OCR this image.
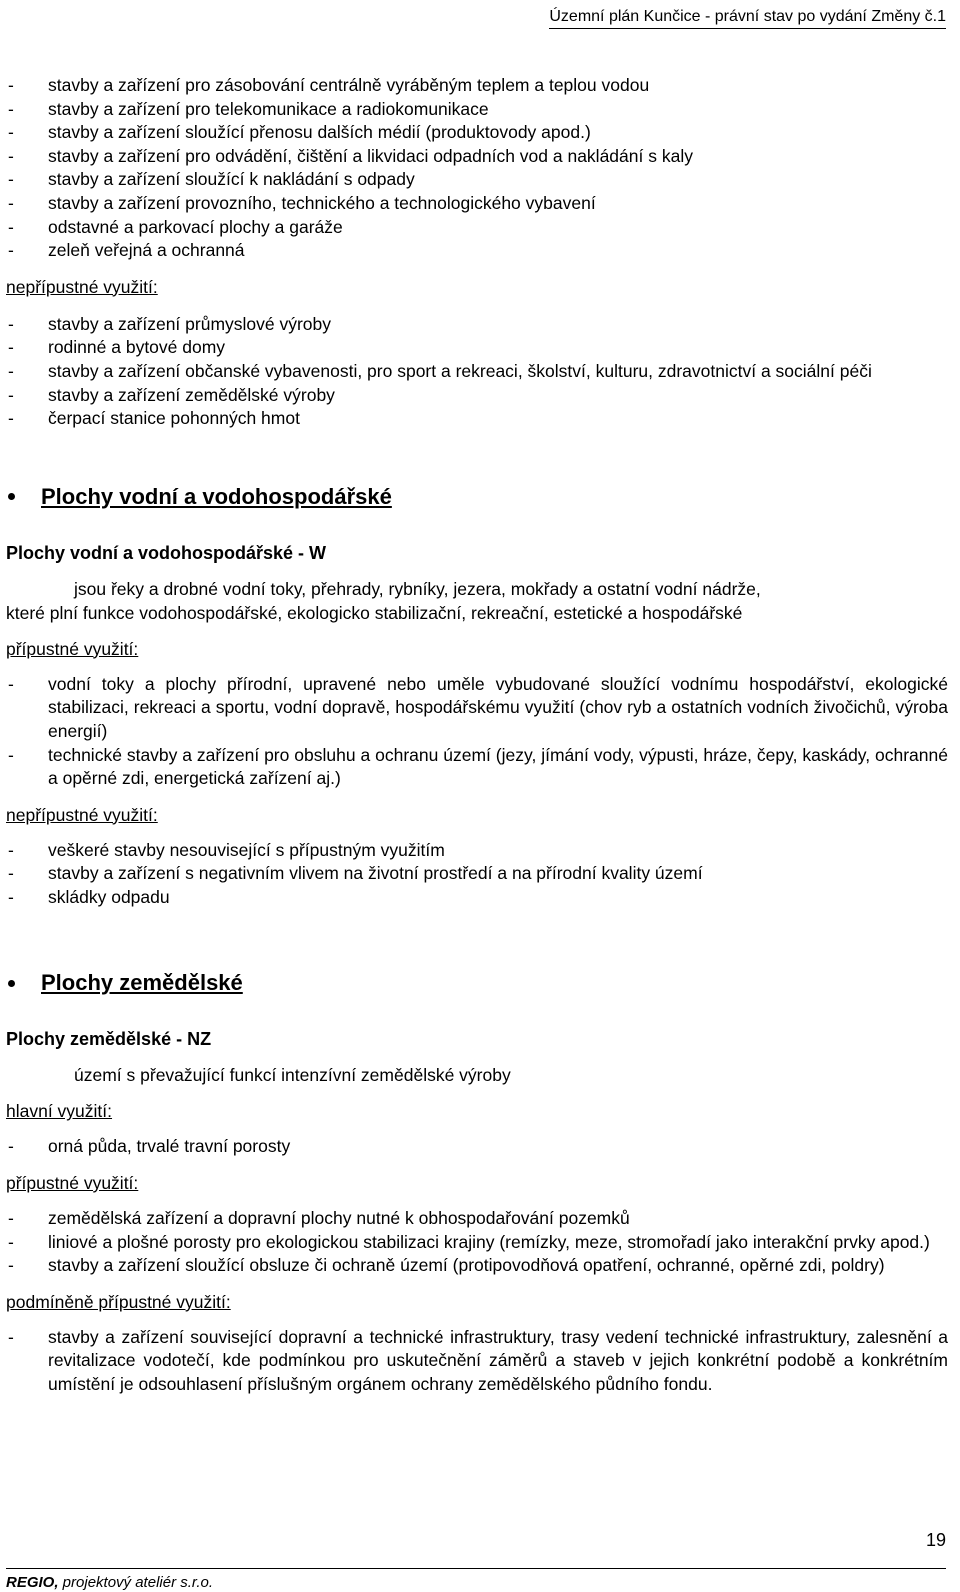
Územní plán Kunčice - právní stav po vydání Změny č.1
- stavby a zařízení pro zásobování centrálně vyráběným teplem a teplou vodou
- stavby a zařízení pro telekomunikace a radiokomunikace
- stavby a zařízení sloužící přenosu dalších médií (produktovody apod.)
- stavby a zařízení pro odvádění, čištění a likvidaci odpadních vod a nakládání s kaly
- stavby a zařízení sloužící k nakládání s odpady
- stavby a zařízení provozního, technického a technologického vybavení
- odstavné a parkovací plochy a garáže
- zeleň veřejná a ochranná
nepřípustné využití:
- stavby a zařízení průmyslové výroby
- rodinné a bytové domy
- stavby a zařízení občanské vybavenosti, pro sport a rekreaci, školství, kulturu, zdravotnictví a sociální péči
- stavby a zařízení zemědělské výroby
- čerpací stanice pohonných hmot
Plochy vodní a vodohospodářské
Plochy vodní a vodohospodářské - W
jsou řeky a drobné vodní toky, přehrady, rybníky, jezera, mokřady a ostatní vodní nádrže,
které plní funkce vodohospodářské, ekologicko stabilizační, rekreační, estetické a hospodářské
přípustné využití:
- vodní toky a plochy přírodní, upravené nebo uměle vybudované sloužící vodnímu hospodářství, ekologické stabilizaci, rekreaci a sportu, vodní dopravě, hospodářskému využití (chov ryb a ostatních vodních živočichů, výroba energií)
- technické stavby a zařízení pro obsluhu a ochranu území (jezy, jímání vody, výpusti, hráze, čepy, kaskády, ochranné a opěrné zdi, energetická zařízení aj.)
nepřípustné využití:
- veškeré stavby nesouvisející s přípustným využitím
- stavby a zařízení s negativním vlivem na životní prostředí a na přírodní kvality území
- skládky odpadu
Plochy zemědělské
Plochy zemědělské - NZ
území s převažující funkcí intenzívní zemědělské výroby
hlavní využití:
- orná půda, trvalé travní porosty
přípustné využití:
- zemědělská zařízení a dopravní plochy nutné k obhospodařování pozemků
- liniové a plošné porosty pro ekologickou stabilizaci krajiny (remízky, meze, stromořadí jako interakční prvky apod.)
- stavby a zařízení sloužící obsluze či ochraně území (protipovodňová opatření, ochranné, opěrné zdi, poldry)
podmíněně přípustné využití:
- stavby a zařízení související dopravní a technické infrastruktury, trasy vedení technické infrastruktury, zalesnění a revitalizace vodotečí, kde podmínkou pro uskutečnění záměrů a staveb v jejich konkrétní podobě a konkrétním umístění je odsouhlasení příslušným orgánem ochrany zemědělského půdního fondu.
19
REGIO, projektový ateliér s.r.o.
